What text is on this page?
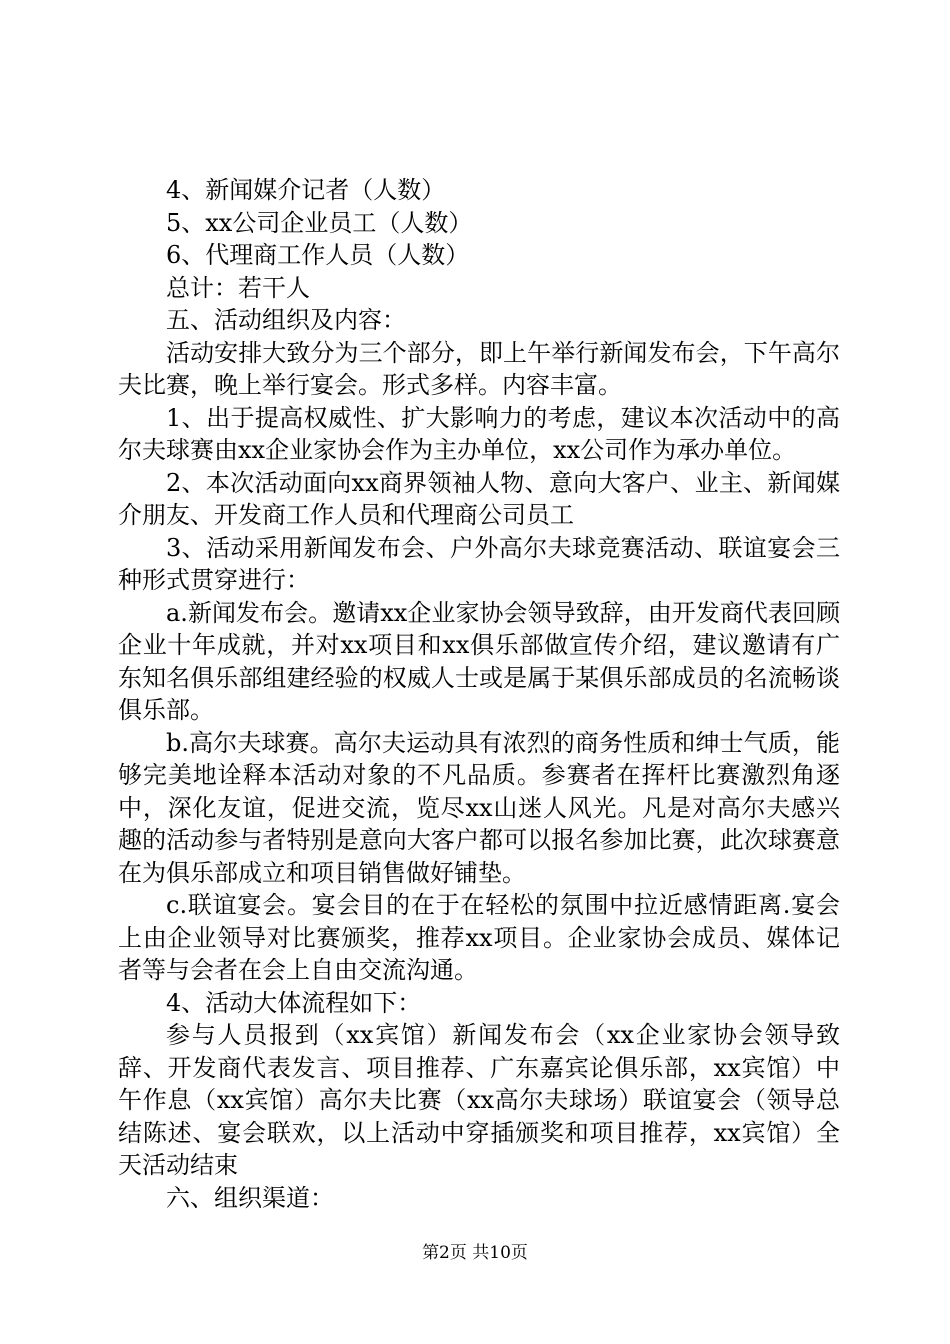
4、新闻媒介记者（人数）

5、xx公司企业员工（人数）

6、代理商工作人员（人数）

总计：若干人

五、活动组织及内容：

活动安排大致分为三个部分，即上午举行新闻发布会，下午高尔夫比赛，晚上举行宴会。形式多样。内容丰富。

1、出于提高权威性、扩大影响力的考虑，建议本次活动中的高尔夫球赛由xx企业家协会作为主办单位，xx公司作为承办单位。

2、本次活动面向xx商界领袖人物、意向大客户、业主、新闻媒介朋友、开发商工作人员和代理商公司员工

3、活动采用新闻发布会、户外高尔夫球竞赛活动、联谊宴会三种形式贯穿进行：

a.新闻发布会。邀请xx企业家协会领导致辞，由开发商代表回顾企业十年成就，并对xx项目和xx俱乐部做宣传介绍，建议邀请有广东知名俱乐部组建经验的权威人士或是属于某俱乐部成员的名流畅谈俱乐部。

b.高尔夫球赛。高尔夫运动具有浓烈的商务性质和绅士气质，能够完美地诠释本活动对象的不凡品质。参赛者在挥杆比赛激烈角逐中，深化友谊，促进交流，览尽xx山迷人风光。凡是对高尔夫感兴趣的活动参与者特别是意向大客户都可以报名参加比赛，此次球赛意在为俱乐部成立和项目销售做好铺垫。

c.联谊宴会。宴会目的在于在轻松的氛围中拉近感情距离.宴会上由企业领导对比赛颁奖，推荐xx项目。企业家协会成员、媒体记者等与会者在会上自由交流沟通。

4、活动大体流程如下：

参与人员报到（xx宾馆）新闻发布会（xx企业家协会领导致辞、开发商代表发言、项目推荐、广东嘉宾论俱乐部，xx宾馆）中午作息（xx宾馆）高尔夫比赛（xx高尔夫球场）联谊宴会（领导总结陈述、宴会联欢，以上活动中穿插颁奖和项目推荐，xx宾馆）全天活动结束

六、组织渠道：

第2页 共10页
